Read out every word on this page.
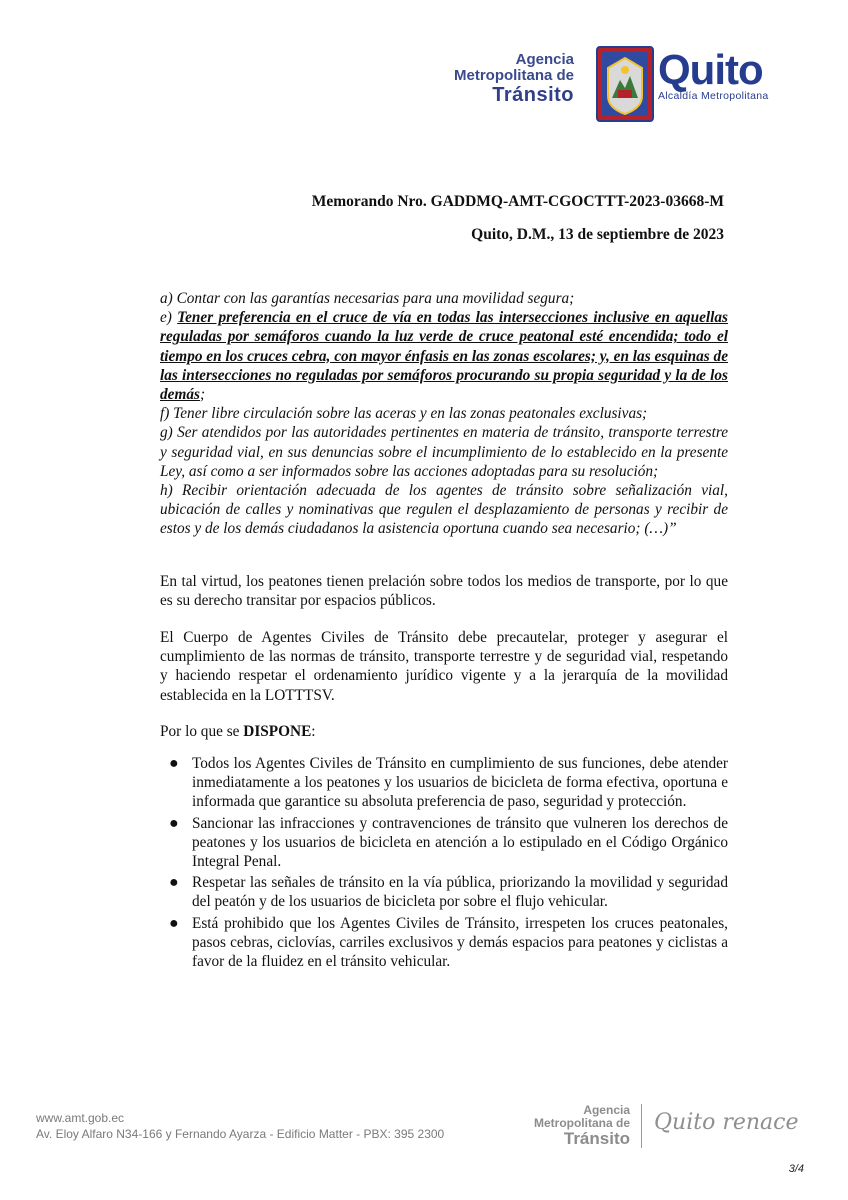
Agencia
Metropolitana de
Tránsito
Quito
Alcaldía Metropolitana
Memorando Nro. GADDMQ-AMT-CGOCTTT-2023-03668-M
Quito, D.M., 13 de septiembre de 2023

a) Contar con las garantías necesarias para una movilidad segura;

e) Tener preferencia en el cruce de vía en todas las intersecciones inclusive en aquellas reguladas por semáforos cuando la luz verde de cruce peatonal esté encendida; todo el tiempo en los cruces cebra, con mayor énfasis en las zonas escolares; y, en las esquinas de las intersecciones no reguladas por semáforos procurando su propia seguridad y la de los demás;

f) Tener libre circulación sobre las aceras y en las zonas peatonales exclusivas;

g) Ser atendidos por las autoridades pertinentes en materia de tránsito, transporte terrestre y seguridad vial, en sus denuncias sobre el incumplimiento de lo establecido en la presente Ley, así como a ser informados sobre las acciones adoptadas para su resolución;

h) Recibir orientación adecuada de los agentes de tránsito sobre señalización vial, ubicación de calles y nominativas que regulen el desplazamiento de personas y recibir de estos y de los demás ciudadanos la asistencia oportuna cuando sea necesario; (…)”

En tal virtud, los peatones tienen prelación sobre todos los medios de transporte, por lo que es su derecho transitar por espacios públicos.

El Cuerpo de Agentes Civiles de Tránsito debe precautelar, proteger y asegurar el cumplimiento de las normas de tránsito, transporte terrestre y de seguridad vial, respetando y haciendo respetar el ordenamiento jurídico vigente y a la jerarquía de la movilidad establecida en la LOTTTSV.

Por lo que se DISPONE:

● Todos los Agentes Civiles de Tránsito en cumplimiento de sus funciones, debe atender inmediatamente a los peatones y los usuarios de bicicleta de forma efectiva, oportuna e informada que garantice su absoluta preferencia de paso, seguridad y protección.
● Sancionar las infracciones y contravenciones de tránsito que vulneren los derechos de peatones y los usuarios de bicicleta en atención a lo estipulado en el Código Orgánico Integral Penal.
● Respetar las señales de tránsito en la vía pública, priorizando la movilidad y seguridad del peatón y de los usuarios de bicicleta por sobre el flujo vehicular.
● Está prohibido que los Agentes Civiles de Tránsito, irrespeten los cruces peatonales, pasos cebras, ciclovías, carriles exclusivos y demás espacios para peatones y ciclistas a favor de la fluidez en el tránsito vehicular.
www.amt.gob.ec
Av. Eloy Alfaro N34-166 y Fernando Ayarza - Edificio Matter - PBX: 395 2300
Agencia
Metropolitana de
Tránsito
Quito renace
3/4
